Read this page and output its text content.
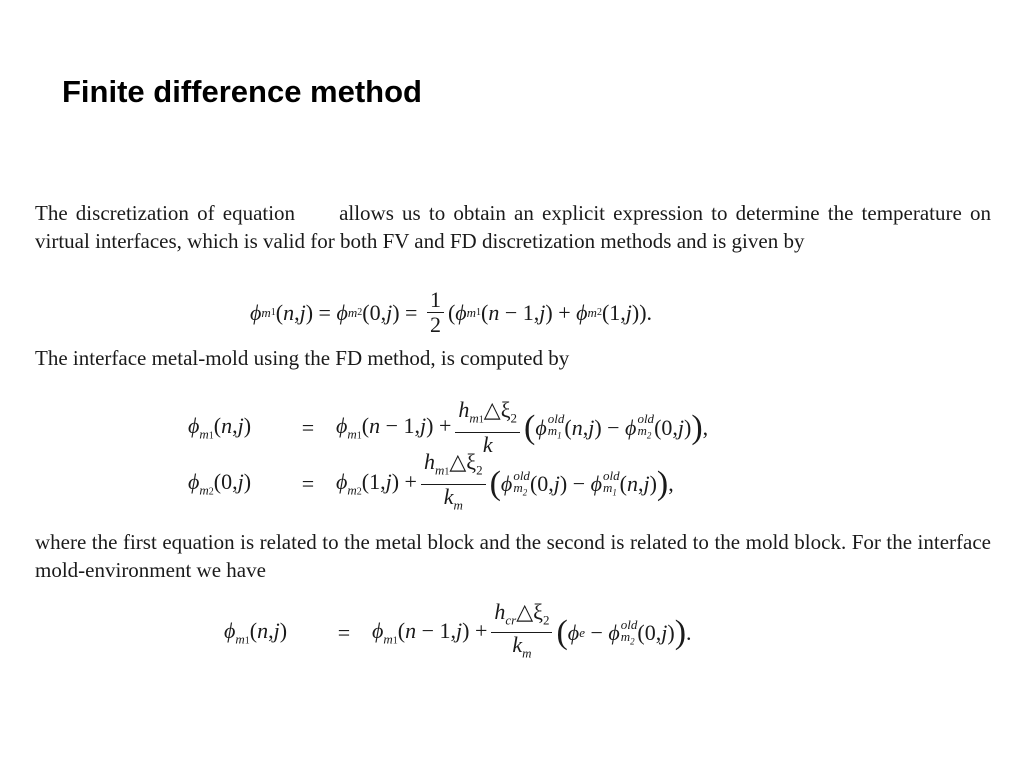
Finite difference method

The discretization of equation allows us to obtain an explicit expression to determine the temperature on virtual interfaces, which is valid for both FV and FD discretization methods and is given by

ϕ m 1 ( n , j ) = ϕ m 2 (0, j ) = $\frac{1}{2}$ ( ϕ m 1 ( n − 1, j ) + ϕ m 2 (1, j )).

The interface metal-mold using the FD method, is computed by

$\phi_{m1}(n,j)$	= $\phi_{m1}(n - 1,j) + \frac{h_{m1}\triangle\xi_2}{k}$ ( ϕ old
$m_1$ ( n , j ) − ϕ old
$m_2$ (0, j ) ) ,
$\phi_{m2}(0,j)$	= $\phi_{m2}(1,j) + \frac{h_{m1}\triangle\xi_2}{k_m}$ ( ϕ old
$m_2$ (0, j ) − ϕ old
$m_1$ ( n , j ) ) ,

where the first equation is related to the metal block and the second is related to the mold block. For the interface mold-environment we have

$\phi_{m1}(n,j)$	= $\phi_{m1}(n - 1,j) + \frac{h_{cr}\triangle\xi_2}{k_m}$ ( ϕ e − ϕ old
$m_2$ (0, j ) ) .
